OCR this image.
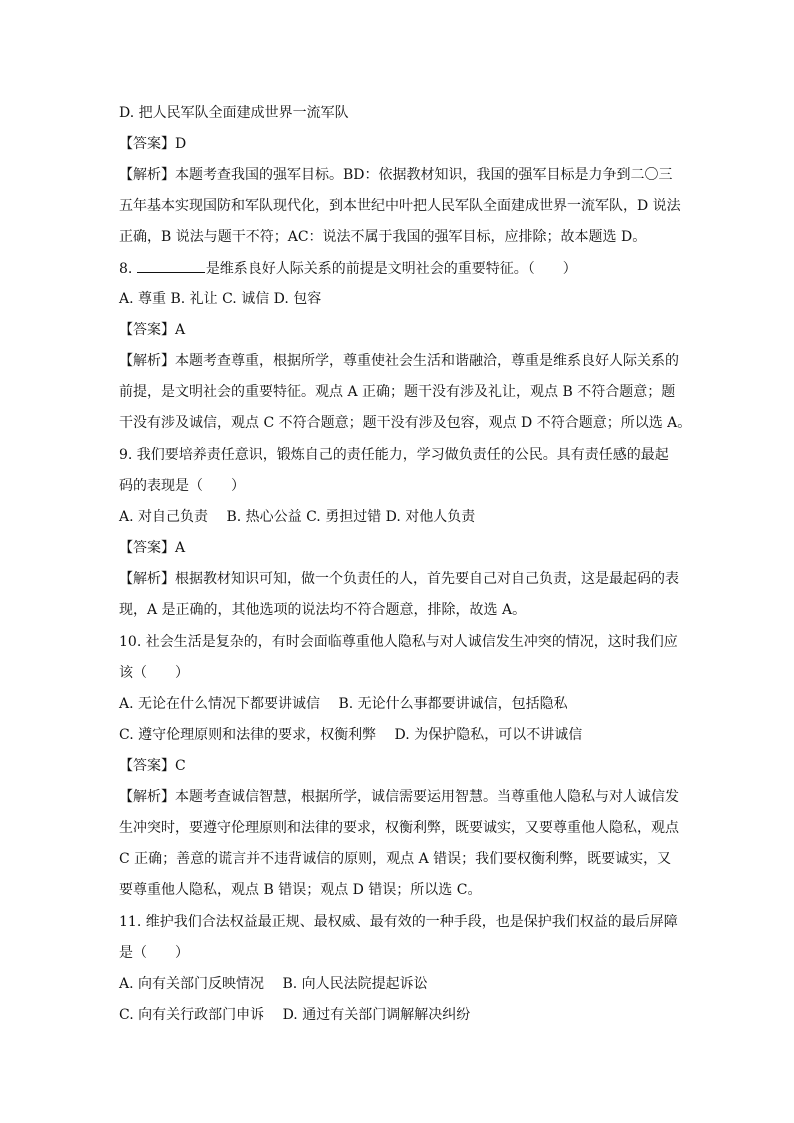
D. 把人民军队全面建成世界一流军队
【答案】D
【解析】本题考查我国的强军目标。BD：依据教材知识，我国的强军目标是力争到二〇三
五年基本实现国防和军队现代化，到本世纪中叶把人民军队全面建成世界一流军队，D 说法
正确，B 说法与题干不符；AC：说法不属于我国的强军目标，应排除；故本题选 D。
8.	是维系良好人际关系的前提是文明社会的重要特征。（　　）
A. 尊重 B. 礼让 C. 诚信 D. 包容
【答案】A
【解析】本题考查尊重，根据所学，尊重使社会生活和谐融洽，尊重是维系良好人际关系的
前提，是文明社会的重要特征。观点 A 正确；题干没有涉及礼让，观点 B 不符合题意；题
干没有涉及诚信，观点 C 不符合题意；题干没有涉及包容，观点 D 不符合题意；所以选 A。
9. 我们要培养责任意识，锻炼自己的责任能力，学习做负责任的公民。具有责任感的最起
码的表现是（　　）
A. 对自己负责　 B. 热心公益 C. 勇担过错 D. 对他人负责
【答案】A
【解析】根据教材知识可知，做一个负责任的人，首先要自己对自己负责，这是最起码的表
现，A 是正确的，其他选项的说法均不符合题意，排除，故选 A。
10. 社会生活是复杂的，有时会面临尊重他人隐私与对人诚信发生冲突的情况，这时我们应
该（　　）
A. 无论在什么情况下都要讲诚信　 B. 无论什么事都要讲诚信，包括隐私
C. 遵守伦理原则和法律的要求，权衡利弊　 D. 为保护隐私，可以不讲诚信
【答案】C
【解析】本题考查诚信智慧，根据所学，诚信需要运用智慧。当尊重他人隐私与对人诚信发
生冲突时，要遵守伦理原则和法律的要求，权衡利弊，既要诚实，又要尊重他人隐私，观点
C 正确；善意的谎言并不违背诚信的原则，观点 A 错误；我们要权衡利弊，既要诚实，又
要尊重他人隐私，观点 B 错误；观点 D 错误；所以选 C。
11. 维护我们合法权益最正规、最权威、最有效的一种手段，也是保护我们权益的最后屏障
是（　　）
A. 向有关部门反映情况　 B. 向人民法院提起诉讼
C. 向有关行政部门申诉　 D. 通过有关部门调解解决纠纷
